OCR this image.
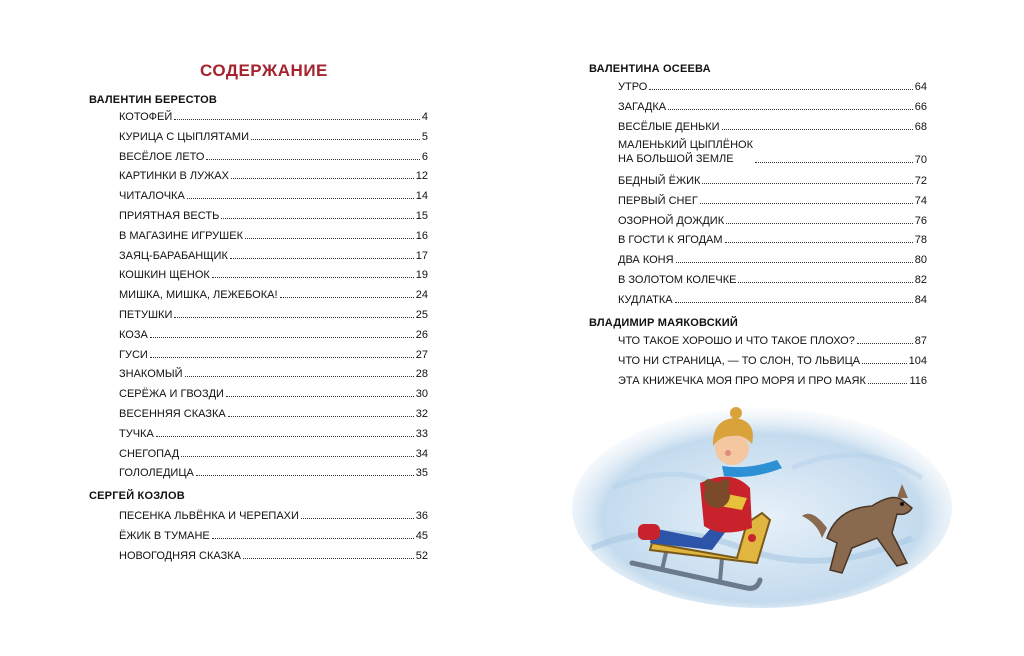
СОДЕРЖАНИЕ
ВАЛЕНТИН БЕРЕСТОВ
КОТОФЕЙ	4
КУРИЦА С ЦЫПЛЯТАМИ	5
ВЕСЁЛОЕ ЛЕТО	6
КАРТИНКИ В ЛУЖАХ	12
ЧИТАЛОЧКА	14
ПРИЯТНАЯ ВЕСТЬ	15
В МАГАЗИНЕ ИГРУШЕК	16
ЗАЯЦ-БАРАБАНЩИК	17
КОШКИН ЩЕНОК	19
МИШКА, МИШКА, ЛЕЖЕБОКА!	24
ПЕТУШКИ	25
КОЗА	26
ГУСИ	27
ЗНАКОМЫЙ	28
СЕРЁЖА И ГВОЗДИ	30
ВЕСЕННЯЯ СКАЗКА	32
ТУЧКА	33
СНЕГОПАД	34
ГОЛОЛЕДИЦА	35
СЕРГЕЙ КОЗЛОВ
ПЕСЕНКА ЛЬВЁНКА И ЧЕРЕПАХИ	36
ЁЖИК В ТУМАНЕ	45
НОВОГОДНЯЯ СКАЗКА	52
ВАЛЕНТИНА ОСЕЕВА
УТРО	64
ЗАГАДКА	66
ВЕСЁЛЫЕ ДЕНЬКИ	68
МАЛЕНЬКИЙ ЦЫПЛЁНОК
НА БОЛЬШОЙ ЗЕМЛЕ	70
БЕДНЫЙ ЁЖИК	72
ПЕРВЫЙ СНЕГ	74
ОЗОРНОЙ ДОЖДИК	76
В ГОСТИ К ЯГОДАМ	78
ДВА КОНЯ	80
В ЗОЛОТОМ КОЛЕЧКЕ	82
КУДЛАТКА	84
ВЛАДИМИР МАЯКОВСКИЙ
ЧТО ТАКОЕ ХОРОШО И ЧТО ТАКОЕ ПЛОХО?	87
ЧТО НИ СТРАНИЦА, — ТО СЛОН, ТО ЛЬВИЦА	104
ЭТА КНИЖЕЧКА МОЯ ПРО МОРЯ И ПРО МАЯК	116
